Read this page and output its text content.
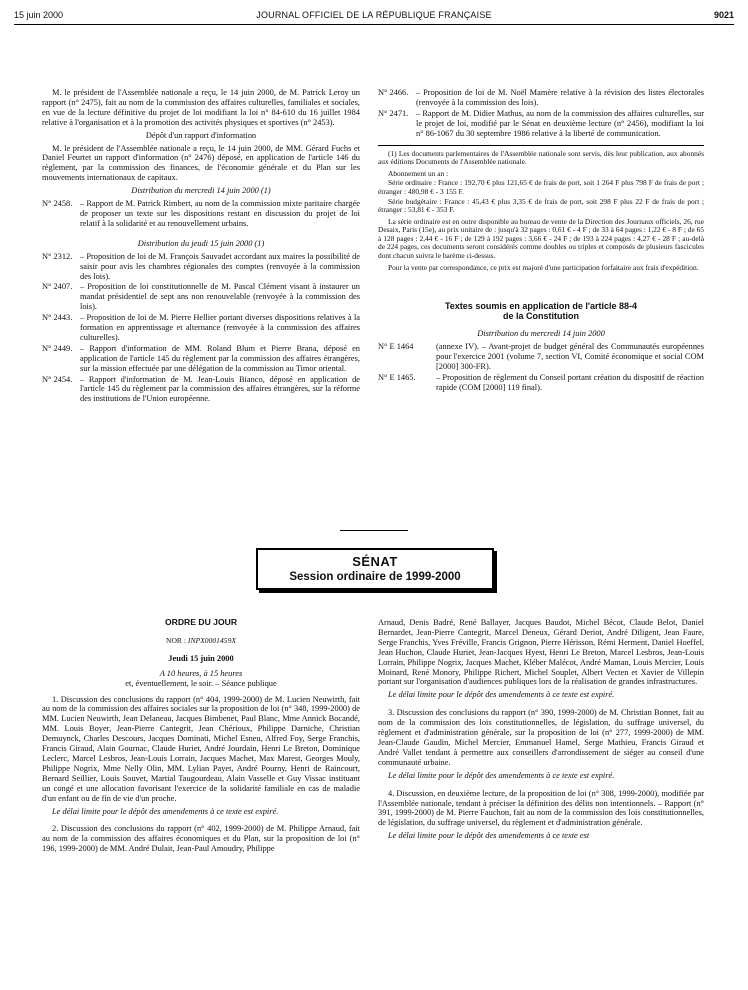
15 juin 2000	JOURNAL OFFICIEL DE LA RÉPUBLIQUE FRANÇAISE	9021

M. le président de l'Assemblée nationale a reçu, le 14 juin 2000, de M. Patrick Leroy un rapport (n° 2475), fait au nom de la commission des affaires culturelles, familiales et sociales, en vue de la lecture définitive du projet de loi modifiant la loi n° 84-610 du 16 juillet 1984 relative à l'organisation et à la promotion des activités physiques et sportives (n° 2453).

Dépôt d'un rapport d'information

M. le président de l'Assemblée nationale a reçu, le 14 juin 2000, de MM. Gérard Fuchs et Daniel Feurtet un rapport d'information (n° 2476) déposé, en application de l'article 146 du règlement, par la commission des finances, de l'économie générale et du Plan sur les mouvements internationaux de capitaux.

Distribution du mercredi 14 juin 2000 (1)

N° 2458. – Rapport de M. Patrick Rimbert, au nom de la commission mixte paritaire chargée de proposer un texte sur les dispositions restant en discussion du projet de loi relatif à la solidarité et au renouvellement urbains.

Distribution du jeudi 15 juin 2000 (1)

N° 2312. – Proposition de loi de M. François Sauvadet accordant aux maires la possibilité de saisir pour avis les chambres régionales des comptes (renvoyée à la commission des lois).
N° 2407. – Proposition de loi constitutionnelle de M. Pascal Clément visant à instaurer un mandat présidentiel de sept ans non renouvelable (renvoyée à la commission des lois).
N° 2443. – Proposition de loi de M. Pierre Hellier portant diverses dispositions relatives à la formation en apprentissage et alternance (renvoyée à la commission des affaires culturelles).
N° 2449. – Rapport d'information de MM. Roland Blum et Pierre Brana, déposé en application de l'article 145 du règlement par la commission des affaires étrangères, sur la mission effectuée par une délégation de la commission au Timor oriental.
N° 2454. – Rapport d'information de M. Jean-Louis Bianco, déposé en application de l'article 145 du règlement par la commission des affaires étrangères, sur la réforme des institutions de l'Union européenne.
N° 2466. – Proposition de loi de M. Noël Mamère relative à la révision des listes électorales (renvoyée à la commission des lois).
N° 2471. – Rapport de M. Didier Mathus, au nom de la commission des affaires culturelles, sur le projet de loi, modifié par le Sénat en deuxième lecture (n° 2456), modifiant la loi n° 86-1067 du 30 septembre 1986 relative à la liberté de communication.

(1) Les documents parlementaires de l'Assemblée nationale sont servis, dès leur publication, aux abonnés aux éditions Documents de l'Assemblée nationale.

Abonnement un an :

Série ordinaire : France : 192,70 € plus 121,65 € de frais de port, soit 1 264 F plus 798 F de frais de port ; étranger : 480,98 € - 3 155 F.

Série budgétaire : France : 45,43 € plus 3,35 € de frais de port, soit 298 F plus 22 F de frais de port ; étranger : 53,81 € - 353 F.

La série ordinaire est en outre disponible au bureau de vente de la Direction des Journaux officiels, 26, rue Desaix, Paris (15e), au prix unitaire de : jusqu'à 32 pages : 0,61 € - 4 F ; de 33 à 64 pages : 1,22 € - 8 F ; de 65 à 128 pages : 2,44 € - 16 F ; de 129 à 192 pages : 3,66 € - 24 F ; de 193 à 224 pages : 4,27 € - 28 F ; au-delà de 224 pages, ces documents seront considérés comme doubles ou triples et composés de plusieurs fascicules dont chacun suivra le barème ci-dessus.

Pour la vente par correspondance, ce prix est majoré d'une participation forfaitaire aux frais d'expédition.

Textes soumis en application de l'article 88-4
de la Constitution

Distribution du mercredi 14 juin 2000

N° E 1464	(annexe IV). – Avant-projet de budget général des Communautés européennes pour l'exercice 2001 (volume 7, section VI, Comité économique et social COM [2000] 300-FR).
N° E 1465.	– Proposition de règlement du Conseil portant création du dispositif de réaction rapide (COM [2000] 119 final).
SÉNAT
Session ordinaire de 1999-2000

ORDRE DU JOUR

NOR : INPX0001459X

Jeudi 15 juin 2000

A 10 heures, à 15 heures

et, éventuellement, le soir. – Séance publique

1. Discussion des conclusions du rapport (n° 404, 1999-2000) de M. Lucien Neuwirth, fait au nom de la commission des affaires sociales sur la proposition de loi (n° 348, 1999-2000) de MM. Lucien Neuwirth, Jean Delaneau, Jacques Bimbenet, Paul Blanc, Mme Annick Bocandé, MM. Louis Boyer, Jean-Pierre Cantegrit, Jean Chérioux, Philippe Darniche, Christian Demuynck, Charles Descours, Jacques Dominati, Michel Esneu, Alfred Foy, Serge Franchis, Francis Giraud, Alain Gournac, Claude Huriet, André Jourdain, Henri Le Breton, Dominique Leclerc, Marcel Lesbros, Jean-Louis Lorrain, Jacques Machet, Max Marest, Georges Mouly, Philippe Nogrix, Mme Nelly Olin, MM. Lylian Payet, André Pourny, Henri de Raincourt, Bernard Seillier, Louis Souvet, Martial Taugourdeau, Alain Vasselle et Guy Vissac instituant un congé et une allocation favorisant l'exercice de la solidarité familiale en cas de maladie d'un enfant ou de fin de vie d'un proche.

Le délai limite pour le dépôt des amendements à ce texte est expiré.

2. Discussion des conclusions du rapport (n° 402, 1999-2000) de M. Philippe Arnaud, fait au nom de la commission des affaires économiques et du Plan, sur la proposition de loi (n° 196, 1999-2000) de MM. André Dulait, Jean-Paul Amoudry, Philippe

Arnaud, Denis Badré, René Ballayer, Jacques Baudot, Michel Bécot, Claude Belot, Daniel Bernardet, Jean-Pierre Cantegrit, Marcel Deneux, Gérard Deriot, André Diligent, Jean Faure, Serge Franchis, Yves Fréville, Francis Grignon, Pierre Hérisson, Rémi Herment, Daniel Hoeffel, Jean Huchon, Claude Huriet, Jean-Jacques Hyest, Henri Le Breton, Marcel Lesbros, Jean-Louis Lorrain, Philippe Nogrix, Jacques Machet, Kléber Malécot, André Maman, Louis Mercier, Louis Moinard, René Monory, Philippe Richert, Michel Souplet, Albert Vecten et Xavier de Villepin portant sur l'organisation d'audiences publiques lors de la réalisation de grandes infrastructures.

Le délai limite pour le dépôt des amendements à ce texte est expiré.

3. Discussion des conclusions du rapport (n° 390, 1999-2000) de M. Christian Bonnet, fait au nom de la commission des lois constitutionnelles, de législation, du suffrage universel, du règlement et d'administration générale, sur la proposition de loi (n° 277, 1999-2000) de MM. Jean-Claude Gaudin, Michel Mercier, Emmanuel Hamel, Serge Mathieu, Francis Giraud et André Vallet tendant à permettre aux conseillers d'arrondissement de siéger au conseil d'une communauté urbaine.

Le délai limite pour le dépôt des amendements à ce texte est expiré.

4. Discussion, en deuxième lecture, de la proposition de loi (n° 308, 1999-2000), modifiée par l'Assemblée nationale, tendant à préciser la définition des délits non intentionnels. – Rapport (n° 391, 1999-2000) de M. Pierre Fauchon, fait au nom de la commission des lois constitutionnelles, de législation, du suffrage universel, du règlement et d'administration générale.

Le délai limite pour le dépôt des amendements à ce texte est
